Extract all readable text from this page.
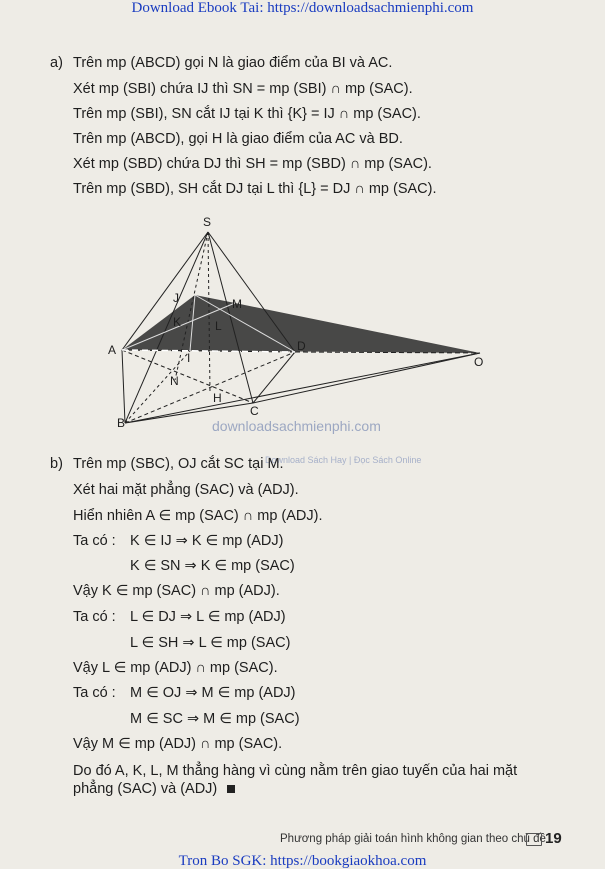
Download Ebook Tai: https://downloadsachmienphi.com
a) Trên mp (ABCD) gọi N là giao điểm của BI và AC.
Xét mp (SBI) chứa IJ thì SN = mp (SBI) ∩ mp (SAC).
Trên mp (SBI), SN cắt IJ tại K thì {K} = IJ ∩ mp (SAC).
Trên mp (ABCD), gọi H là giao điểm của AC và BD.
Xét mp (SBD) chứa DJ thì SH = mp (SBD) ∩ mp (SAC).
Trên mp (SBD), SH cắt DJ tại L thì {L} = DJ ∩ mp (SAC).
S
J	M
K	L
A
I
D
O
N
H
B
C
downloadsachmienphi.com
Download Sách Hay | Đọc Sách Online
b) Trên mp (SBC), OJ cắt SC tại M.
Xét hai mặt phẳng (SAC) và (ADJ).
Hiển nhiên A ∈ mp (SAC) ∩ mp (ADJ).
Ta có : K ∈ IJ ⇒ K ∈ mp (ADJ)
K ∈ SN ⇒ K ∈ mp (SAC)
Vậy K ∈ mp (SAC) ∩ mp (ADJ).
Ta có : L ∈ DJ ⇒ L ∈ mp (ADJ)
L ∈ SH ⇒ L ∈ mp (SAC)
Vậy L ∈ mp (ADJ) ∩ mp (SAC).
Ta có : M ∈ OJ ⇒ M ∈ mp (ADJ)
M ∈ SC ⇒ M ∈ mp (SAC)
Vậy M ∈ mp (ADJ) ∩ mp (SAC).
Do đó A, K, L, M thẳng hàng vì cùng nằm trên giao tuyến của hai mặt
phẳng (SAC) và (ADJ)
Phương pháp giải toán hình không gian theo chủ đề 19
Tron Bo SGK: https://bookgiaokhoa.com
